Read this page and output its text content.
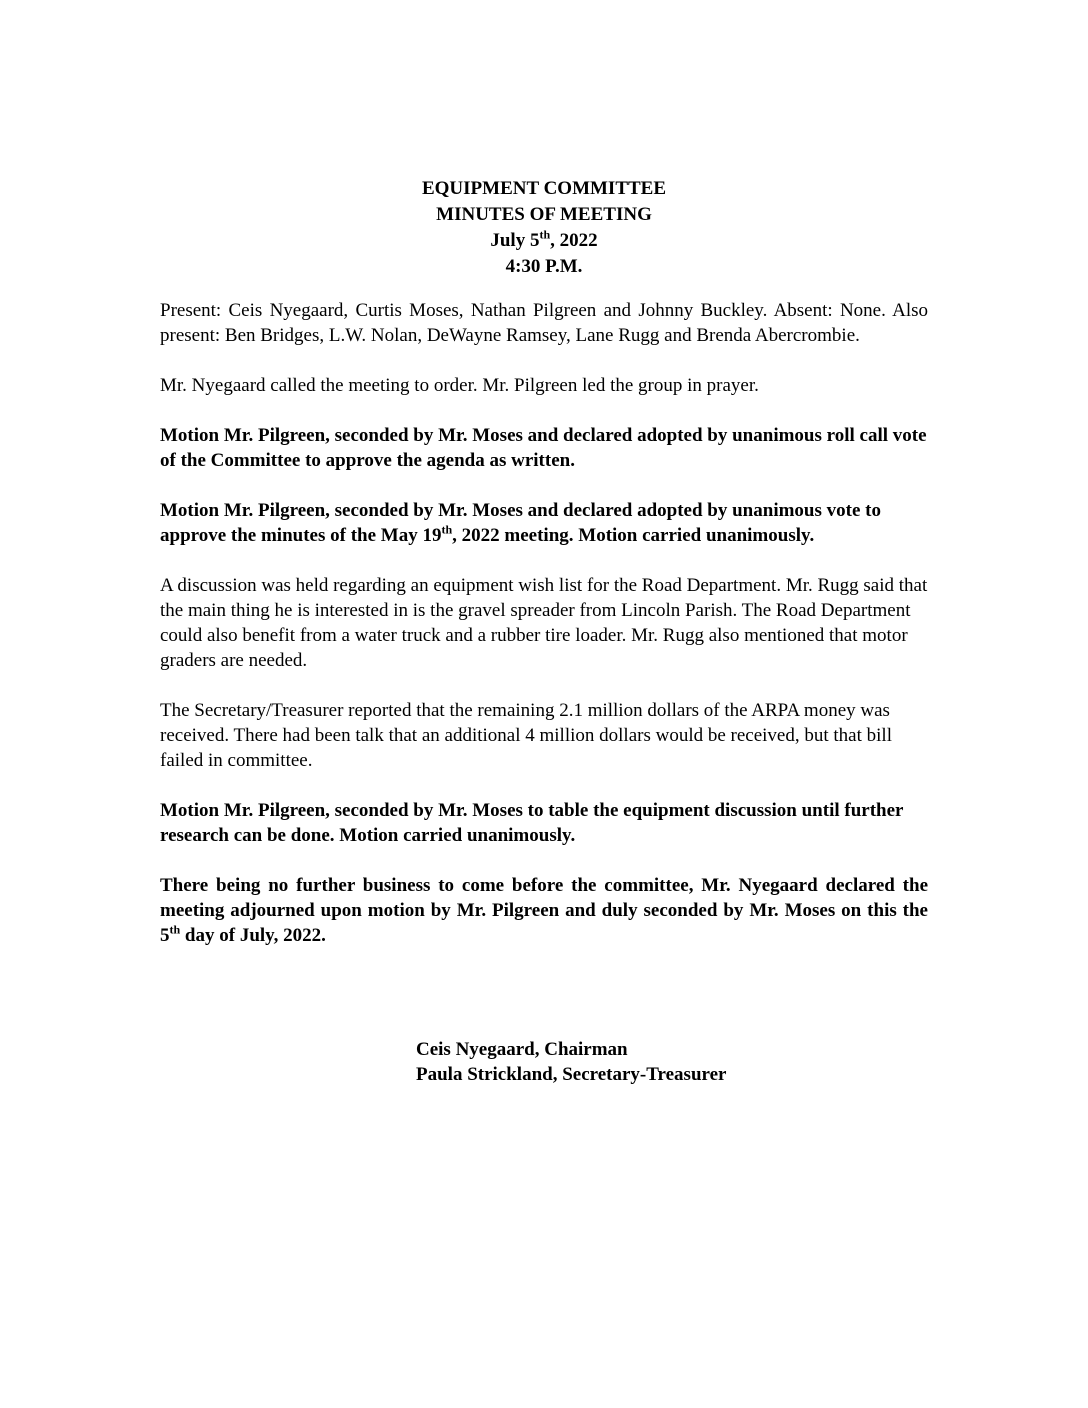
EQUIPMENT COMMITTEE
MINUTES OF MEETING
July 5th, 2022
4:30 P.M.

Present: Ceis Nyegaard, Curtis Moses, Nathan Pilgreen and Johnny Buckley. Absent: None. Also present: Ben Bridges, L.W. Nolan, DeWayne Ramsey, Lane Rugg and Brenda Abercrombie.

Mr. Nyegaard called the meeting to order. Mr. Pilgreen led the group in prayer.

Motion Mr. Pilgreen, seconded by Mr. Moses and declared adopted by unanimous roll call vote of the Committee to approve the agenda as written.

Motion Mr. Pilgreen, seconded by Mr. Moses and declared adopted by unanimous vote to approve the minutes of the May 19th, 2022 meeting. Motion carried unanimously.

A discussion was held regarding an equipment wish list for the Road Department. Mr. Rugg said that the main thing he is interested in is the gravel spreader from Lincoln Parish. The Road Department could also benefit from a water truck and a rubber tire loader. Mr. Rugg also mentioned that motor graders are needed.

The Secretary/Treasurer reported that the remaining 2.1 million dollars of the ARPA money was received. There had been talk that an additional 4 million dollars would be received, but that bill failed in committee.

Motion Mr. Pilgreen, seconded by Mr. Moses to table the equipment discussion until further research can be done. Motion carried unanimously.

There being no further business to come before the committee, Mr. Nyegaard declared the meeting adjourned upon motion by Mr. Pilgreen and duly seconded by Mr. Moses on this the 5th day of July, 2022.

Ceis Nyegaard, Chairman
Paula Strickland, Secretary-Treasurer
